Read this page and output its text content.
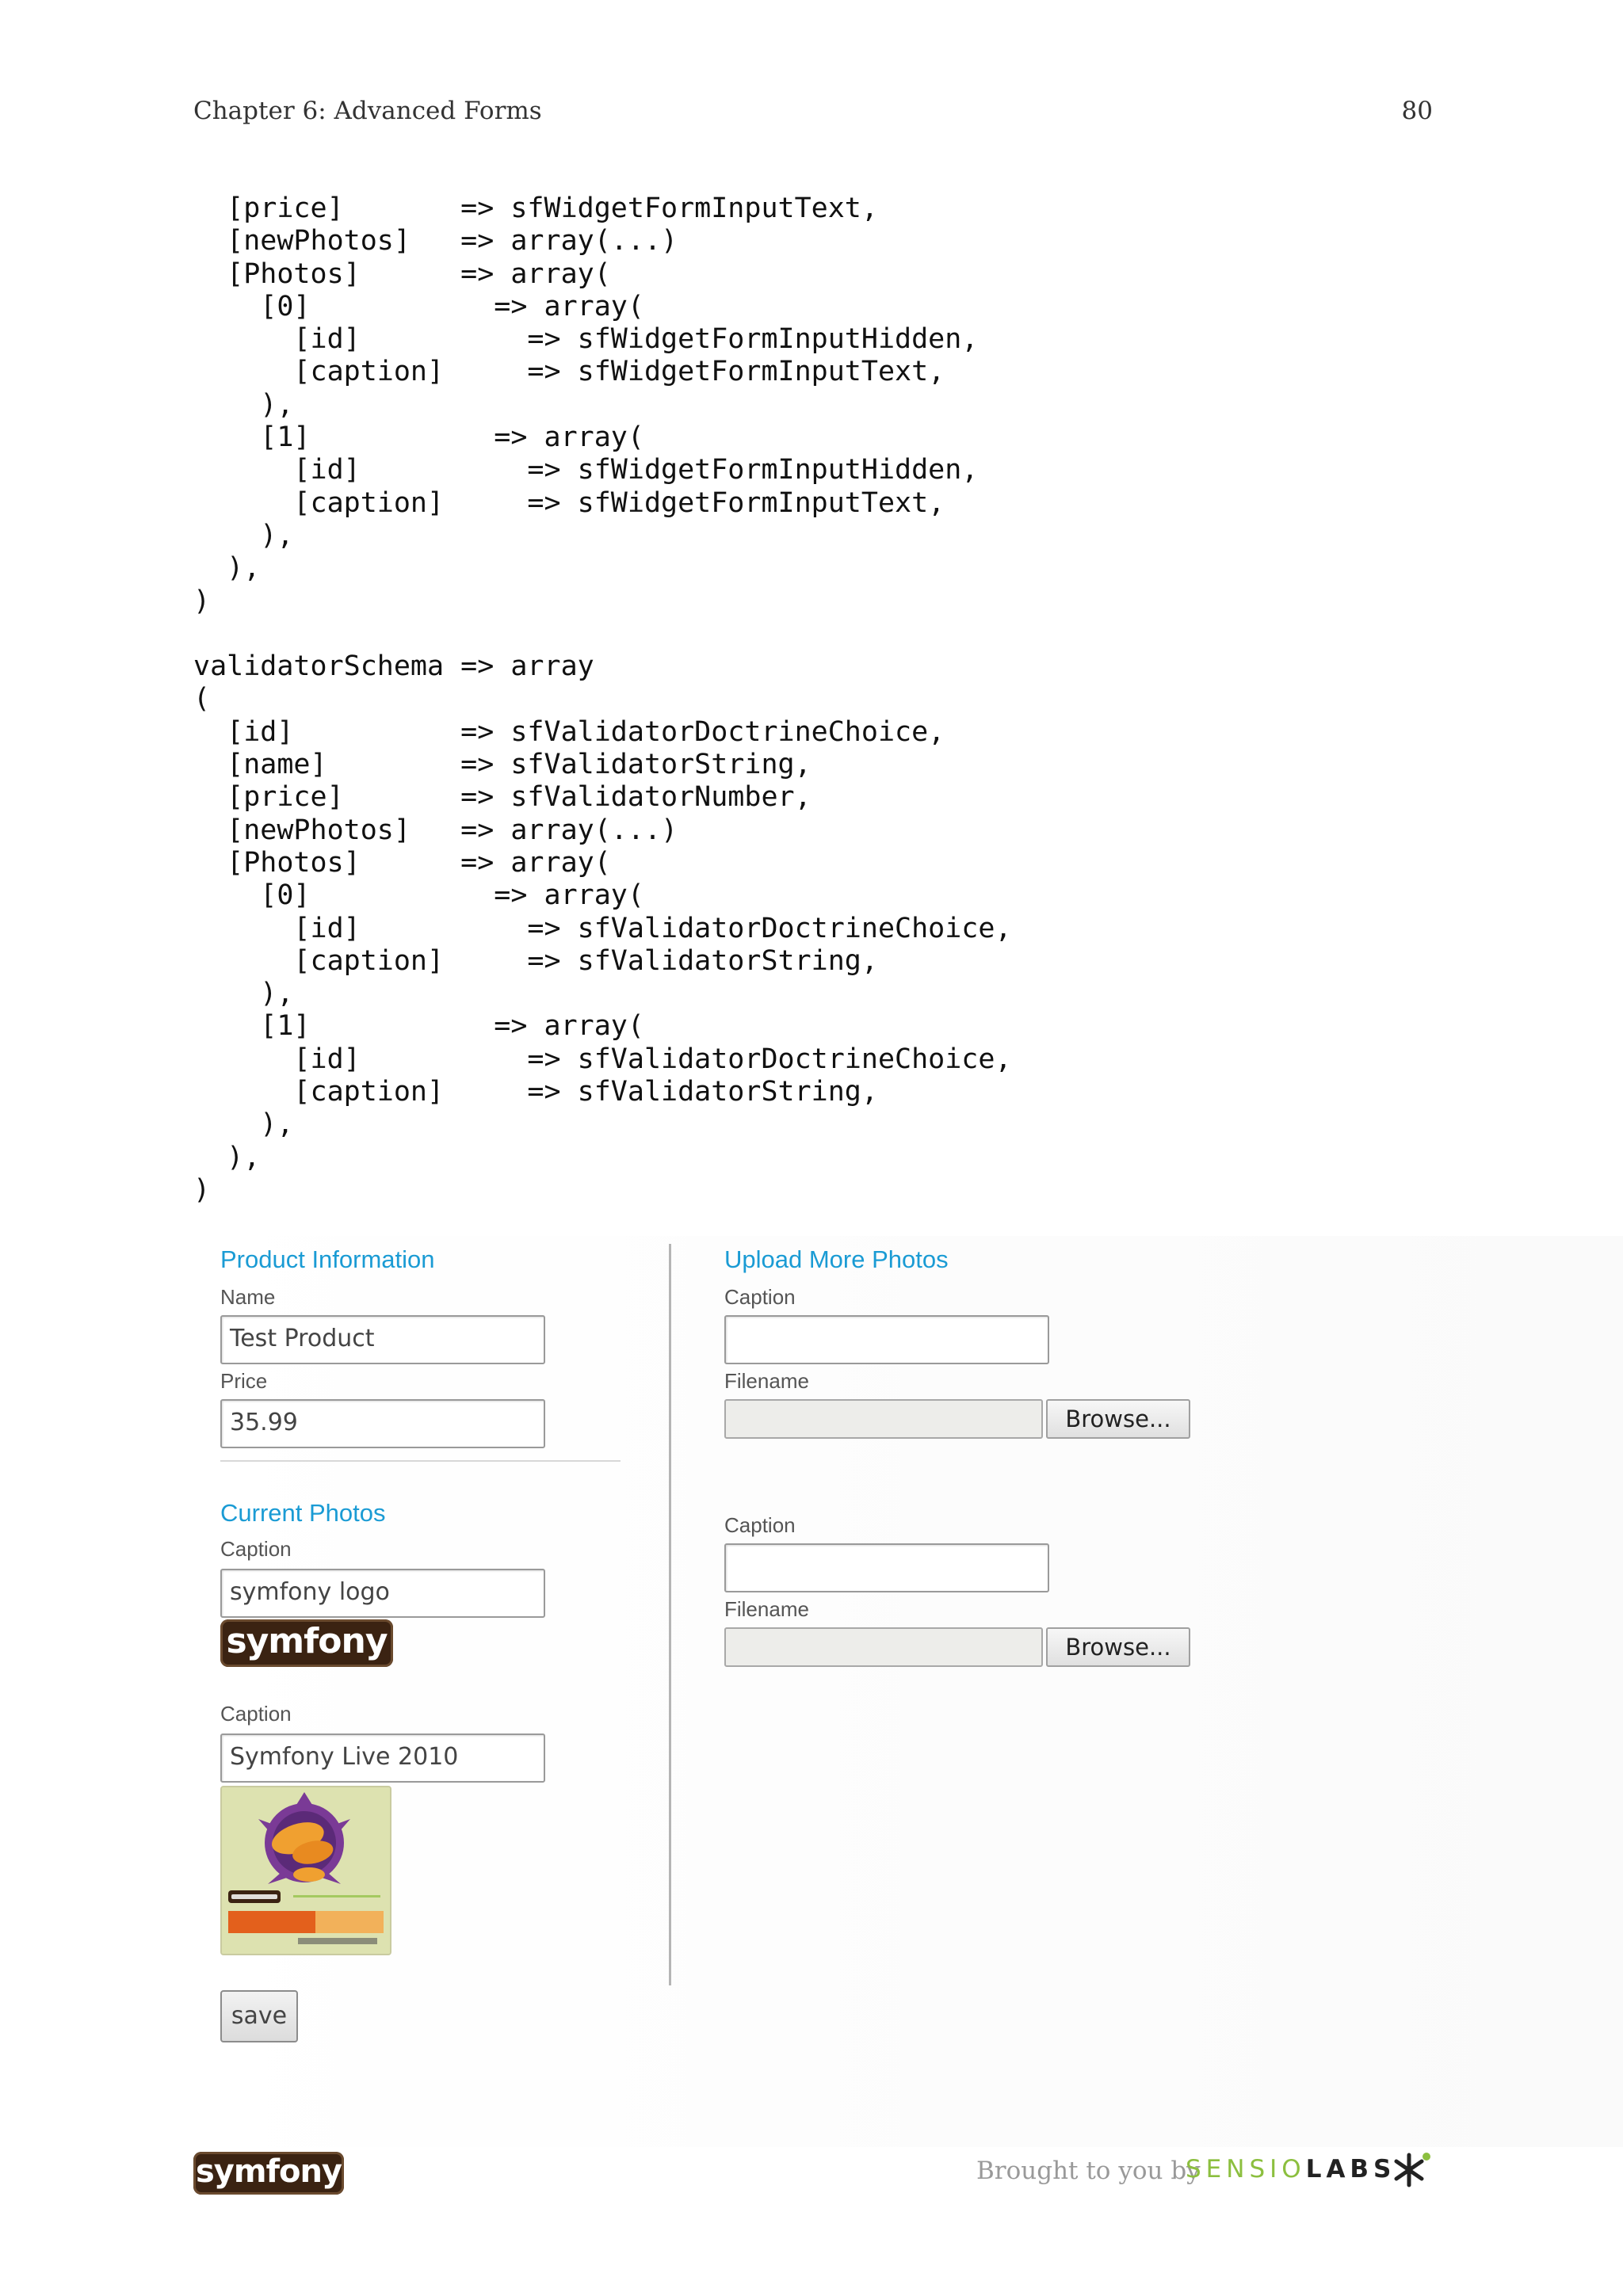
Chapter 6: Advanced Forms	80
[price]       => sfWidgetFormInputText,
[newPhotos]   => array(...)
[Photos]      => array(
[0]           => array(
[id]          => sfWidgetFormInputHidden,
[caption]     => sfWidgetFormInputText,
),
[1]           => array(
[id]          => sfWidgetFormInputHidden,
[caption]     => sfWidgetFormInputText,
),
),
)

validatorSchema => array
(
[id]          => sfValidatorDoctrineChoice,
[name]        => sfValidatorString,
[price]       => sfValidatorNumber,
[newPhotos]   => array(...)
[Photos]      => array(
[0]           => array(
[id]          => sfValidatorDoctrineChoice,
[caption]     => sfValidatorString,
),
[1]           => array(
[id]          => sfValidatorDoctrineChoice,
[caption]     => sfValidatorString,
),
),
)
Product Information
Name
Test Product
Price
35.99
Current Photos
Caption
symfony logo
symfony
Caption
Symfony Live 2010
save
Upload More Photos
Caption
Filename
Browse...
Caption
Filename
Browse...
symfony	Brought to you by
SENSIOLABS
